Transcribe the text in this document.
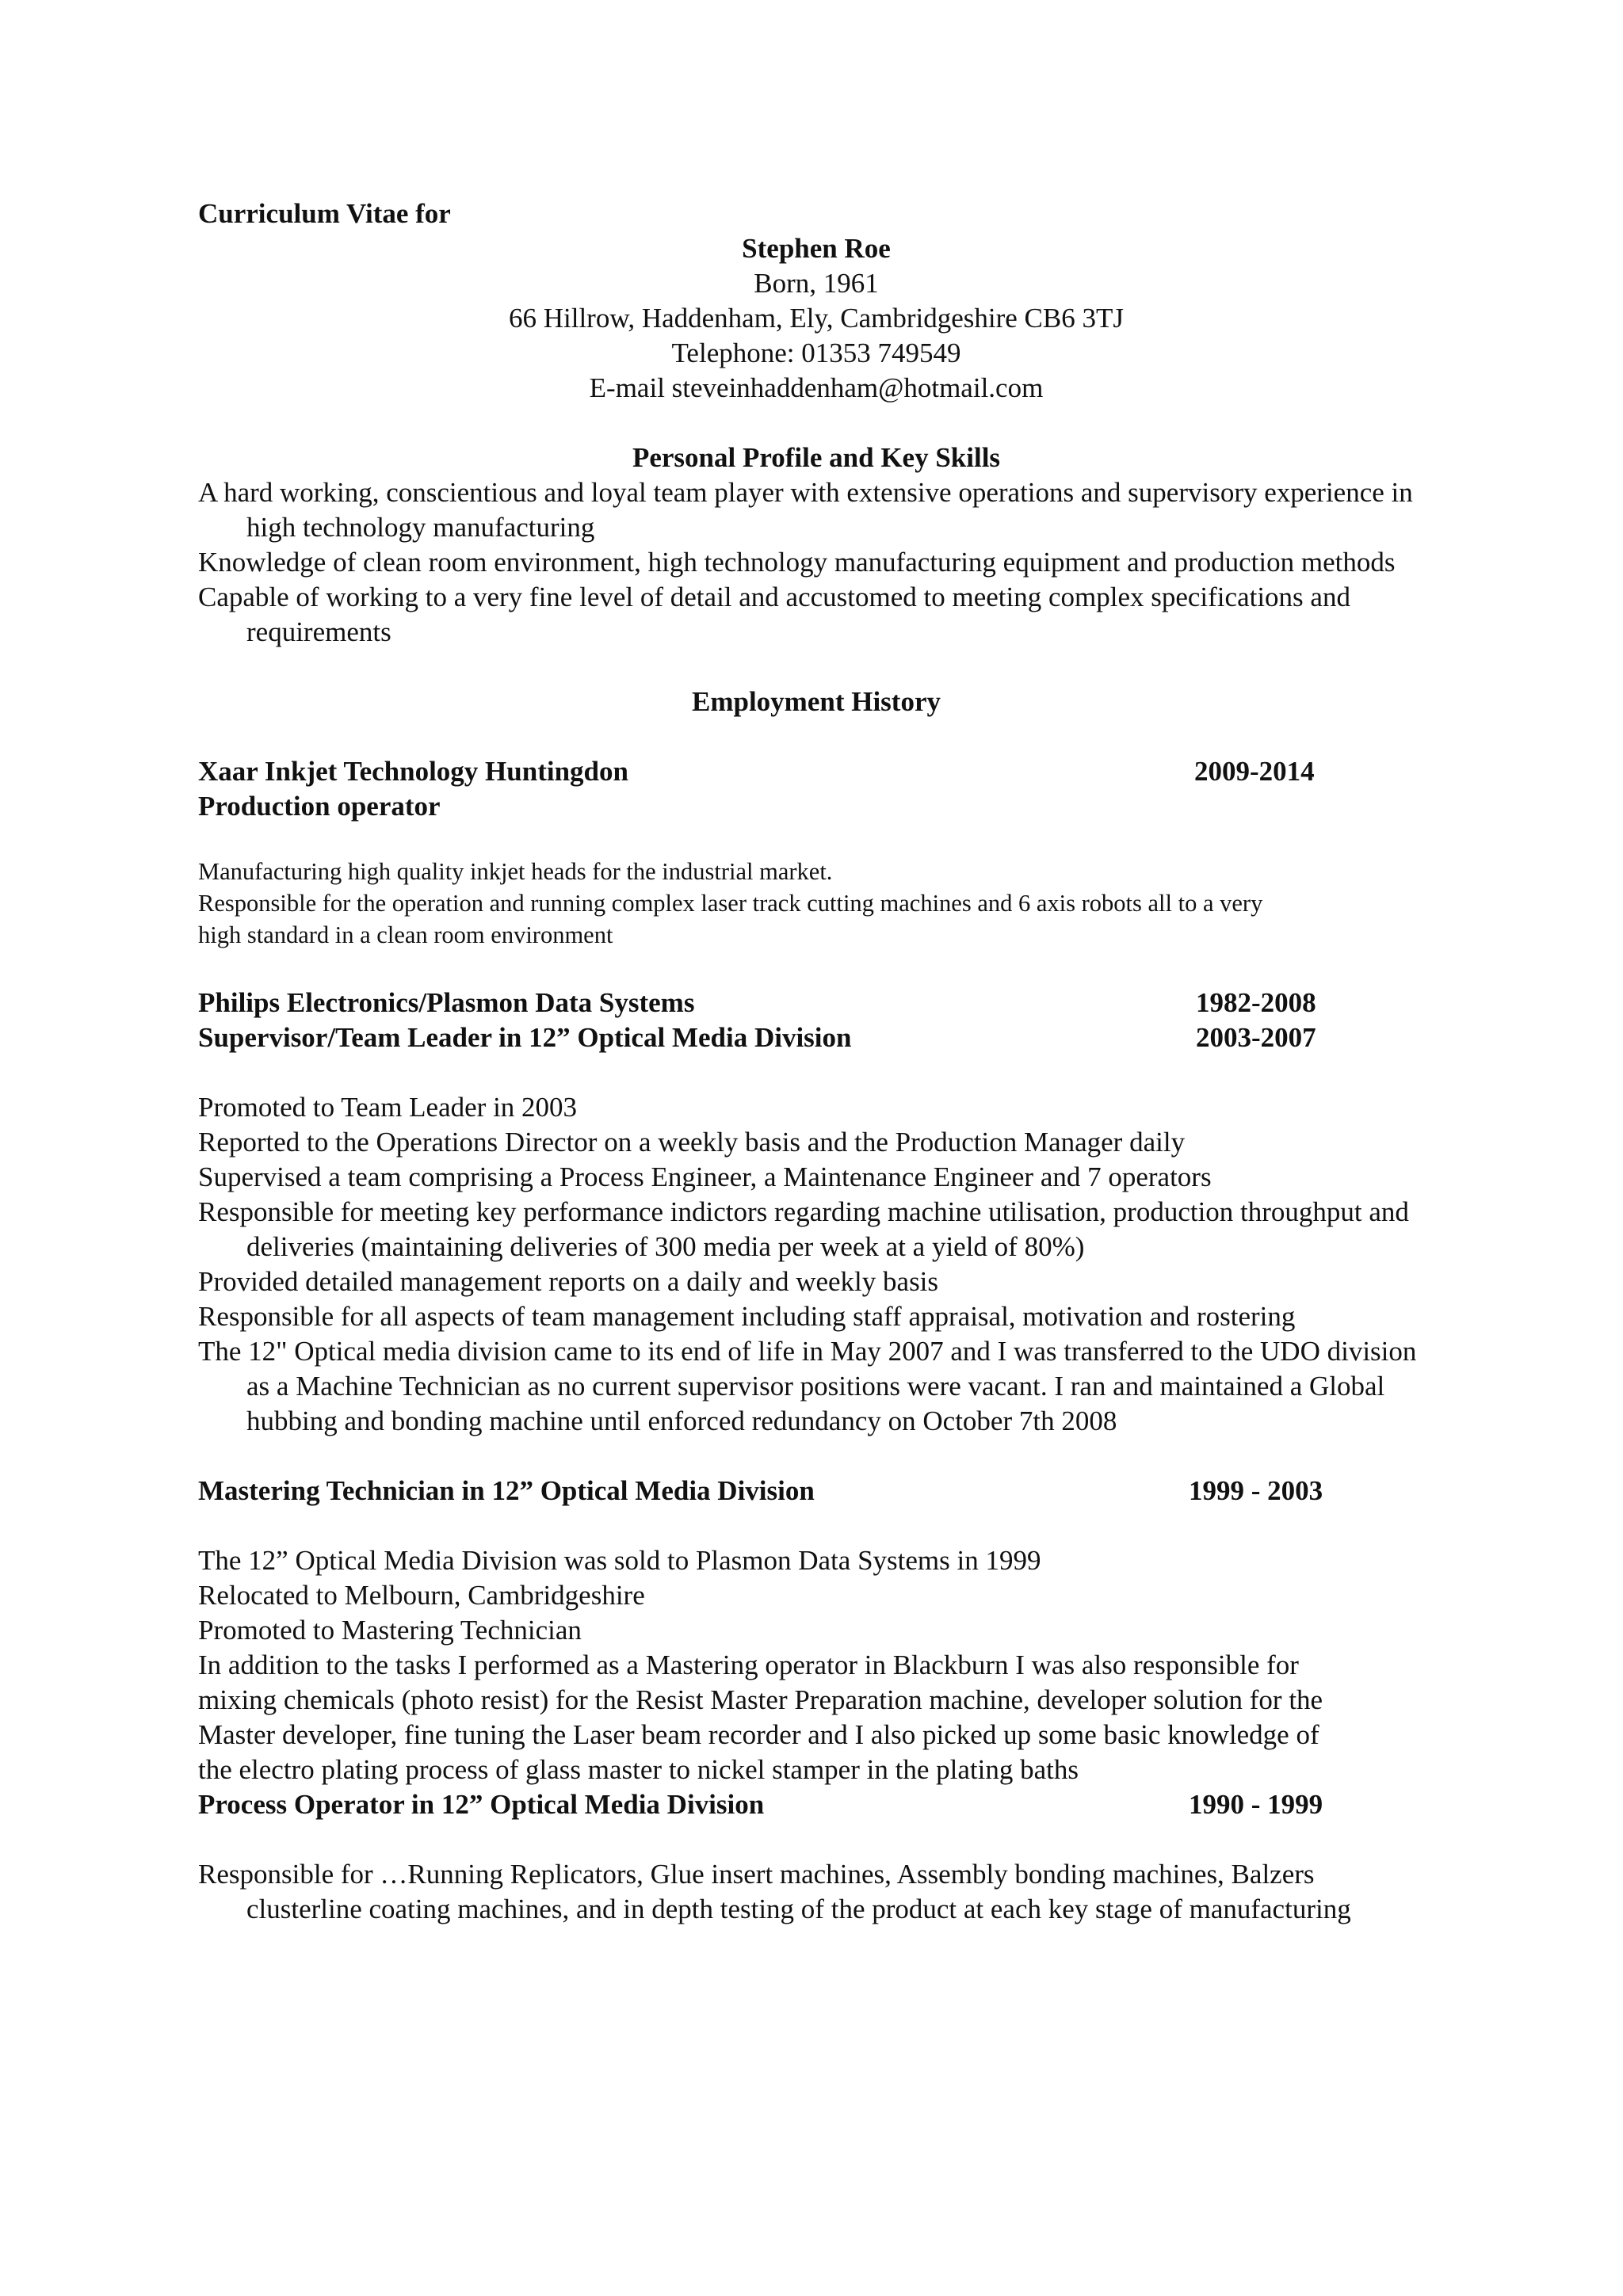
Curriculum Vitae for
Stephen Roe
Born, 1961
66 Hillrow, Haddenham, Ely, Cambridgeshire CB6 3TJ
Telephone: 01353 749549
E-mail steveinhaddenham@hotmail.com
Personal Profile and Key Skills
A hard working, conscientious and loyal team player with extensive operations and supervisory experience in high technology manufacturing
Knowledge of clean room environment, high technology manufacturing equipment and production methods
Capable of working to a very fine level of detail and accustomed to meeting complex specifications and requirements
Employment History
Xaar Inkjet Technology Huntingdon	2009-2014
Production operator
Manufacturing high quality inkjet heads for the industrial market.
Responsible for the operation and running complex laser track cutting machines and 6 axis robots all to a very
high standard in a clean room environment
Philips Electronics/Plasmon Data Systems	1982-2008
Supervisor/Team Leader in 12” Optical Media Division	2003-2007
Promoted to Team Leader in 2003
Reported to the Operations Director on a weekly basis and the Production Manager daily
Supervised a team comprising a Process Engineer, a Maintenance Engineer and 7 operators
Responsible for meeting key performance indictors regarding machine utilisation, production throughput and deliveries (maintaining deliveries of 300 media per week at a yield of 80%)
Provided detailed management reports on a daily and weekly basis
Responsible for all aspects of team management including staff appraisal, motivation and rostering
The 12" Optical media division came to its end of life in May 2007 and I was transferred to the UDO division as a Machine Technician as no current supervisor positions were vacant. I ran and maintained a Global hubbing and bonding machine until enforced redundancy on October 7th 2008
Mastering Technician in 12” Optical Media Division	1999 - 2003
The 12” Optical Media Division was sold to Plasmon Data Systems in 1999
Relocated to Melbourn, Cambridgeshire
Promoted to Mastering Technician
In addition to the tasks I performed as a Mastering operator in Blackburn I was also responsible for
mixing chemicals (photo resist) for the Resist Master Preparation machine, developer solution for the
Master developer, fine tuning the Laser beam recorder and I also picked up some basic knowledge of
the electro plating process of glass master to nickel stamper in the plating baths
Process Operator in 12” Optical Media Division	1990 - 1999
Responsible for …Running Replicators, Glue insert machines, Assembly bonding machines, Balzers clusterline coating machines, and in depth testing of the product at each key stage of manufacturing
